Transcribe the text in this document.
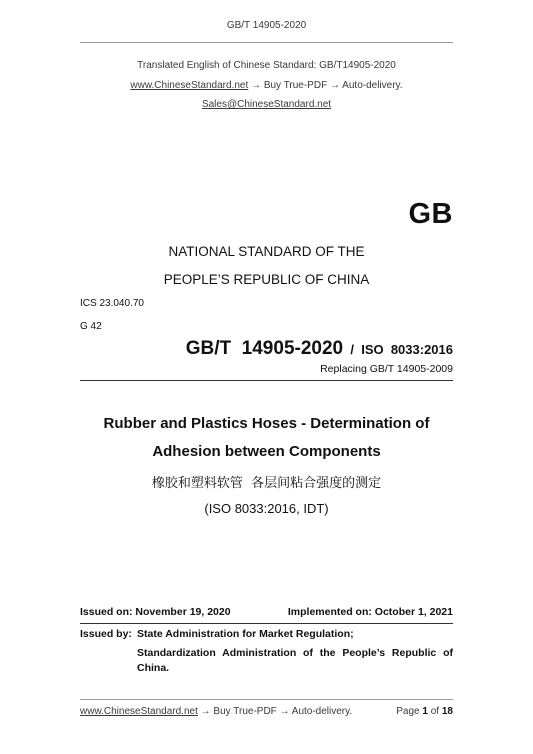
GB/T 14905-2020
Translated English of Chinese Standard: GB/T14905-2020
www.ChineseStandard.net → Buy True-PDF → Auto-delivery.
Sales@ChineseStandard.net
GB
NATIONAL STANDARD OF THE
PEOPLE’S REPUBLIC OF CHINA
ICS 23.040.70
G 42
GB/T  14905-2020 / ISO  8033:2016
Replacing GB/T 14905-2009
Rubber and Plastics Hoses - Determination of
Adhesion between Components
橡胶和塑料软管  各层间粘合强度的测定
(ISO 8033:2016, IDT)
Issued on: November 19, 2020	Implemented on: October 1, 2021
Issued by: State Administration for Market Regulation;
Standardization Administration of the People’s Republic of China.
www.ChineseStandard.net → Buy True-PDF → Auto-delivery.	Page 1 of 18
